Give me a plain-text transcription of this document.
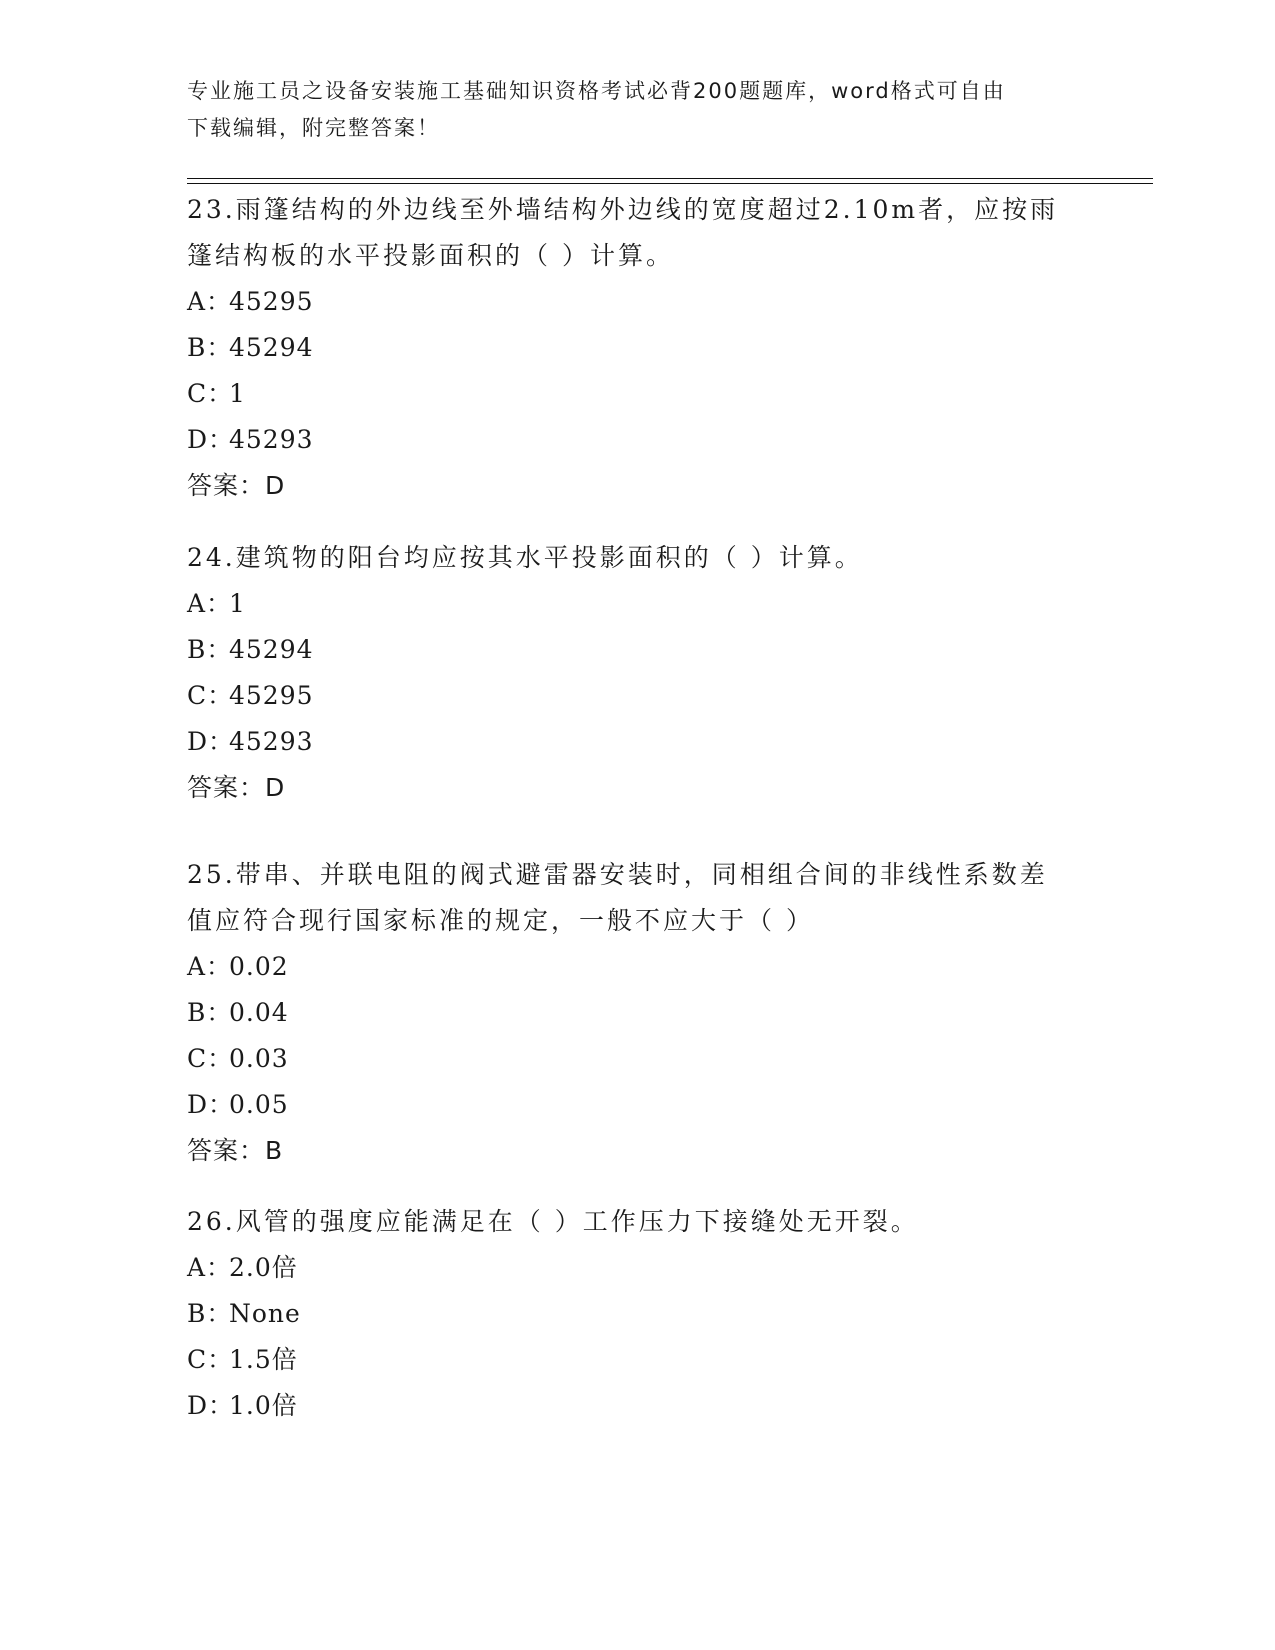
专业施工员之设备安装施工基础知识资格考试必背200题题库，word格式可自由
下载编辑，附完整答案！

23.雨篷结构的外边线至外墙结构外边线的宽度超过2.10m者，应按雨

篷结构板的水平投影面积的（ ）计算。

A：45295

B：45294

C：1

D：45293

答案：D

24.建筑物的阳台均应按其水平投影面积的（ ）计算。

A：1

B：45294

C：45295

D：45293

答案：D

25.带串、并联电阻的阀式避雷器安装时，同相组合间的非线性系数差

值应符合现行国家标准的规定，一般不应大于（ ）

A：0.02

B：0.04

C：0.03

D：0.05

答案：B

26.风管的强度应能满足在（ ）工作压力下接缝处无开裂。

A：2.0倍

B：None

C：1.5倍

D：1.0倍
